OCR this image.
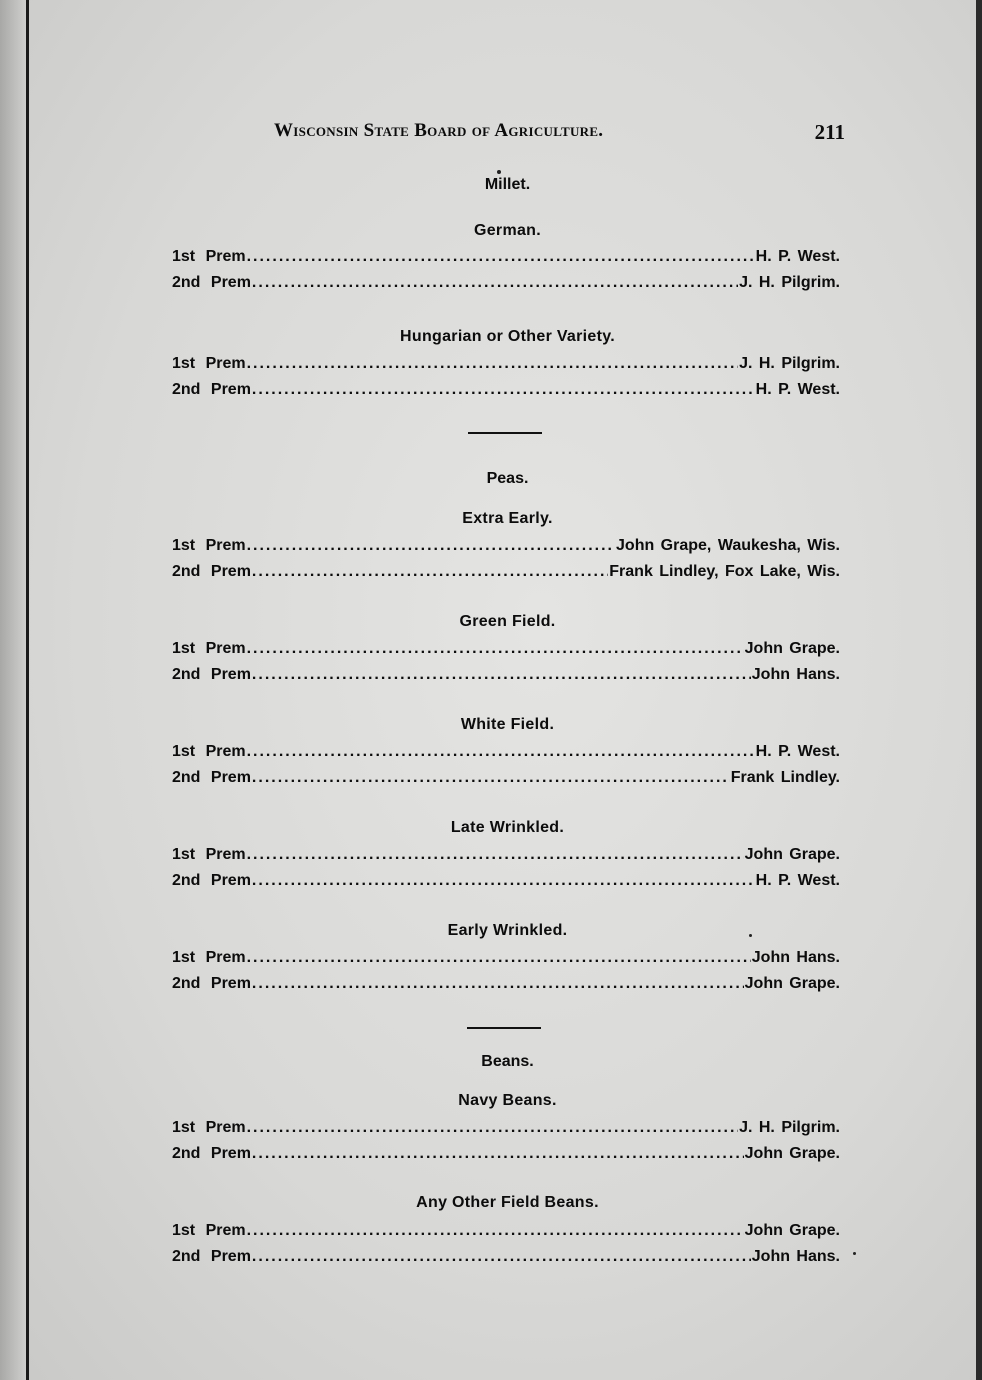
Wisconsin State Board of Agriculture.	211
Millet.
German.
1st Prem .....	H. P. West.
2nd Prem .....	J. H. Pilgrim.
Hungarian or Other Variety.
1st Prem .....	J. H. Pilgrim.
2nd Prem .....	H. P. West.
Peas.
Extra Early.
1st Prem .....	John Grape, Waukesha, Wis.
2nd Prem .....	Frank Lindley, Fox Lake, Wis.
Green Field.
1st Prem .....	John Grape.
2nd Prem .....	John Hans.
White Field.
1st Prem .....	H. P. West.
2nd Prem .....	Frank Lindley.
Late Wrinkled.
1st Prem .....	John Grape.
2nd Prem .....	H. P. West.
Early Wrinkled.
1st Prem .....	John Hans.
2nd Prem .....	John Grape.
Beans.
Navy Beans.
1st Prem .....	J. H. Pilgrim.
2nd Prem .....	John Grape.
Any Other Field Beans.
1st Prem .....	John Grape.
2nd Prem .....	John Hans.
